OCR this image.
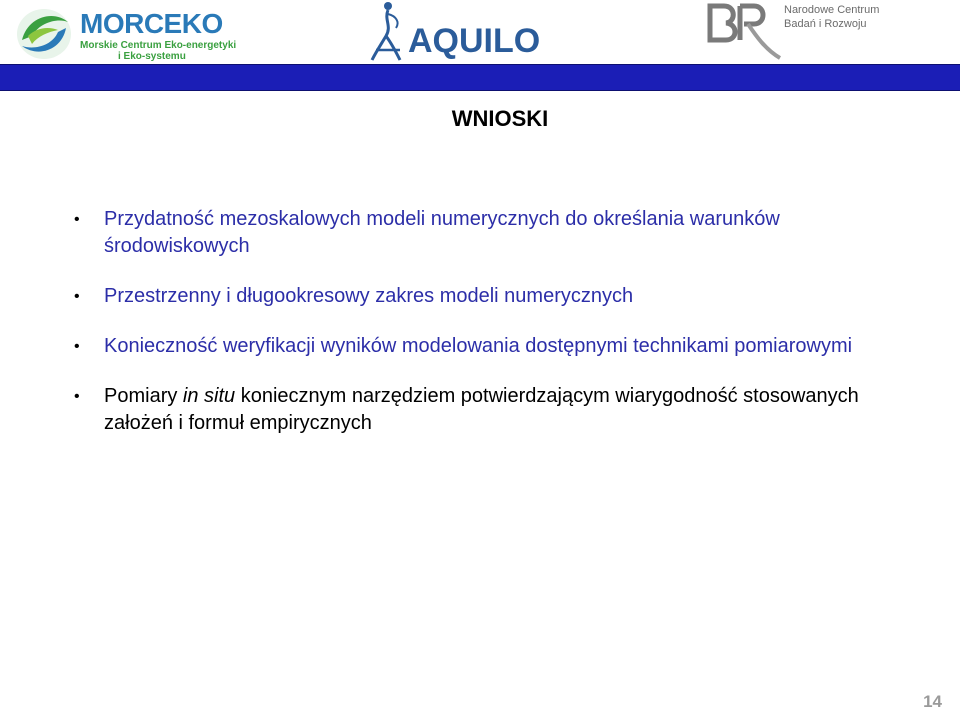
MORCEKO
Morskie Centrum Eko-energetyki
i Eko-systemu	AQUILO
Narodowe Centrum
Badań i Rozwoju
WNIOSKI
• Przydatność mezoskalowych modeli numerycznych do określania warunków środowiskowych
• Przestrzenny i długookresowy zakres modeli numerycznych
• Konieczność weryfikacji wyników modelowania dostępnymi technikami pomiarowymi
• Pomiary in situ koniecznym narzędziem potwierdzającym wiarygodność stosowanych założeń i formuł empirycznych
14
